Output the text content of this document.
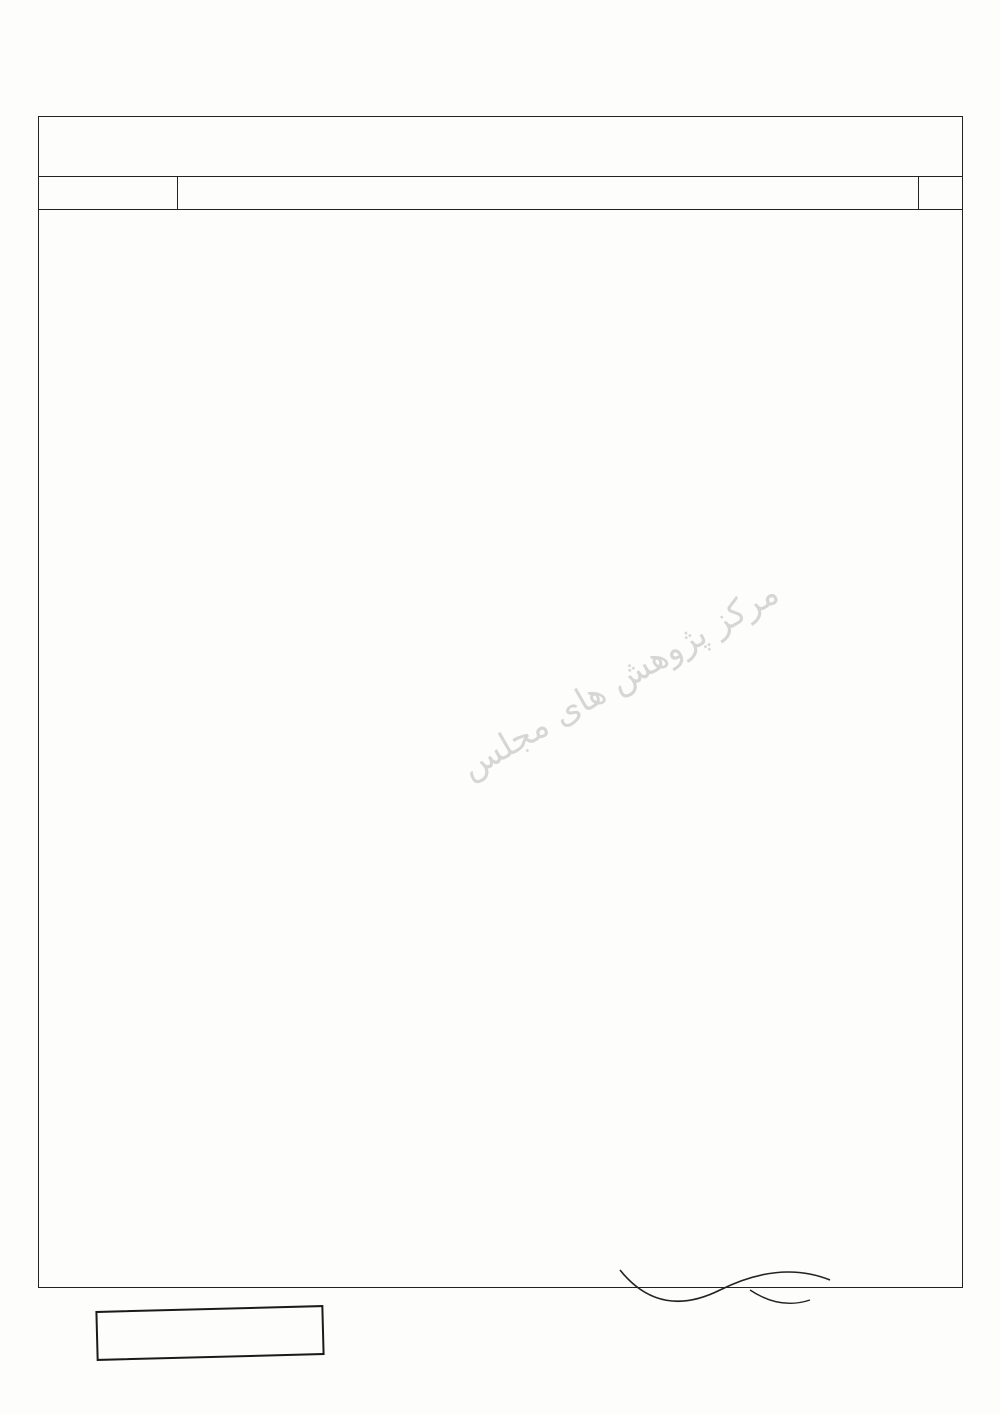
مرکز پژوهش های مجلس
